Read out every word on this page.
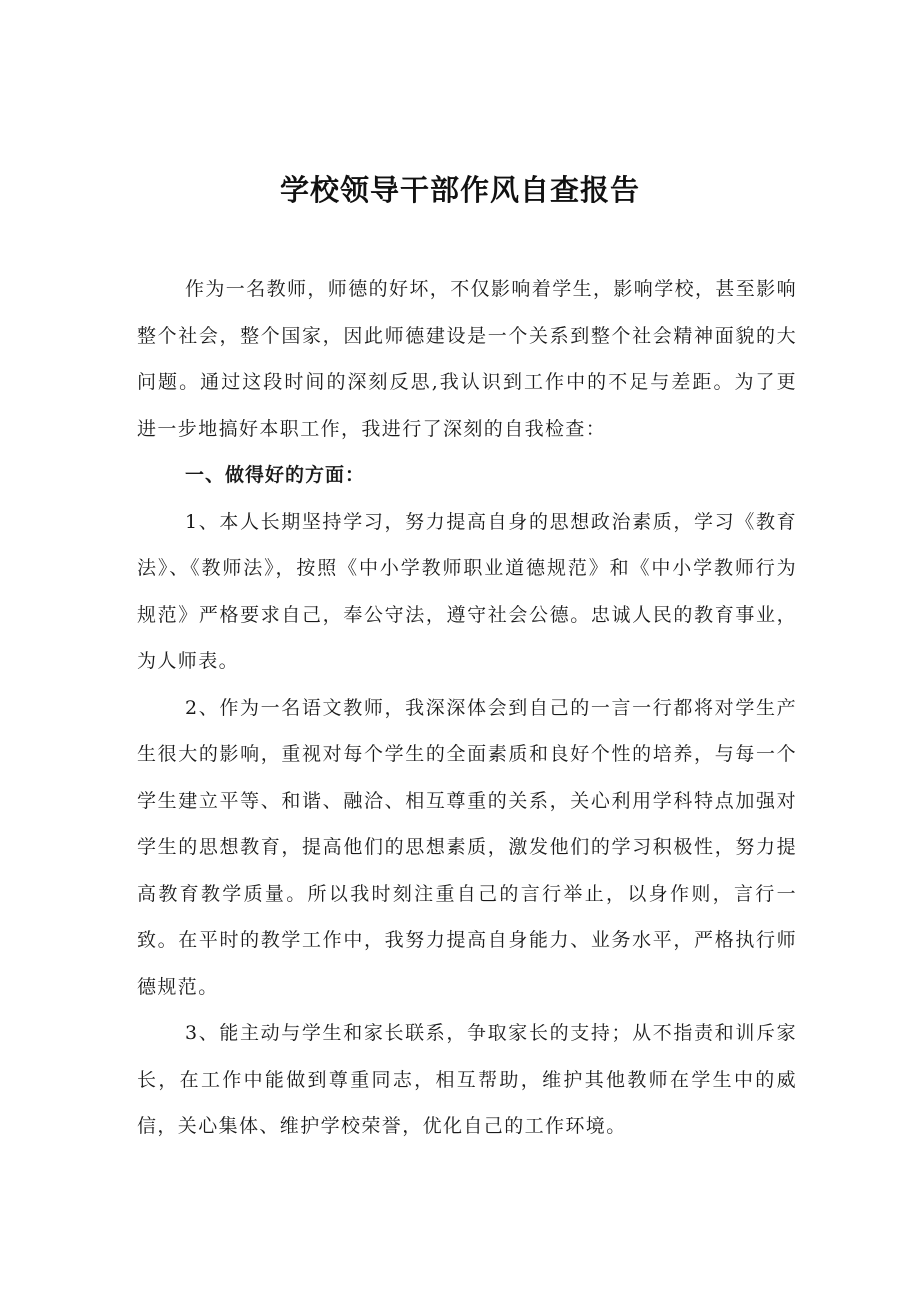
学校领导干部作风自查报告

作为一名教师，师德的好坏，不仅影响着学生，影响学校，甚至影响整个社会，整个国家，因此师德建设是一个关系到整个社会精神面貌的大问题。通过这段时间的深刻反思,我认识到工作中的不足与差距。为了更进一步地搞好本职工作，我进行了深刻的自我检查：

一、做得好的方面：

1、本人长期坚持学习，努力提高自身的思想政治素质，学习《教育法》、《教师法》，按照《中小学教师职业道德规范》和《中小学教师行为规范》严格要求自己，奉公守法，遵守社会公德。忠诚人民的教育事业，为人师表。

2、作为一名语文教师，我深深体会到自己的一言一行都将对学生产生很大的影响，重视对每个学生的全面素质和良好个性的培养，与每一个学生建立平等、和谐、融洽、相互尊重的关系，关心利用学科特点加强对学生的思想教育，提高他们的思想素质，激发他们的学习积极性，努力提高教育教学质量。所以我时刻注重自己的言行举止，以身作则，言行一致。在平时的教学工作中，我努力提高自身能力、业务水平，严格执行师德规范。

3、能主动与学生和家长联系，争取家长的支持；从不指责和训斥家长，在工作中能做到尊重同志，相互帮助，维护其他教师在学生中的威信，关心集体、维护学校荣誉，优化自己的工作环境。
